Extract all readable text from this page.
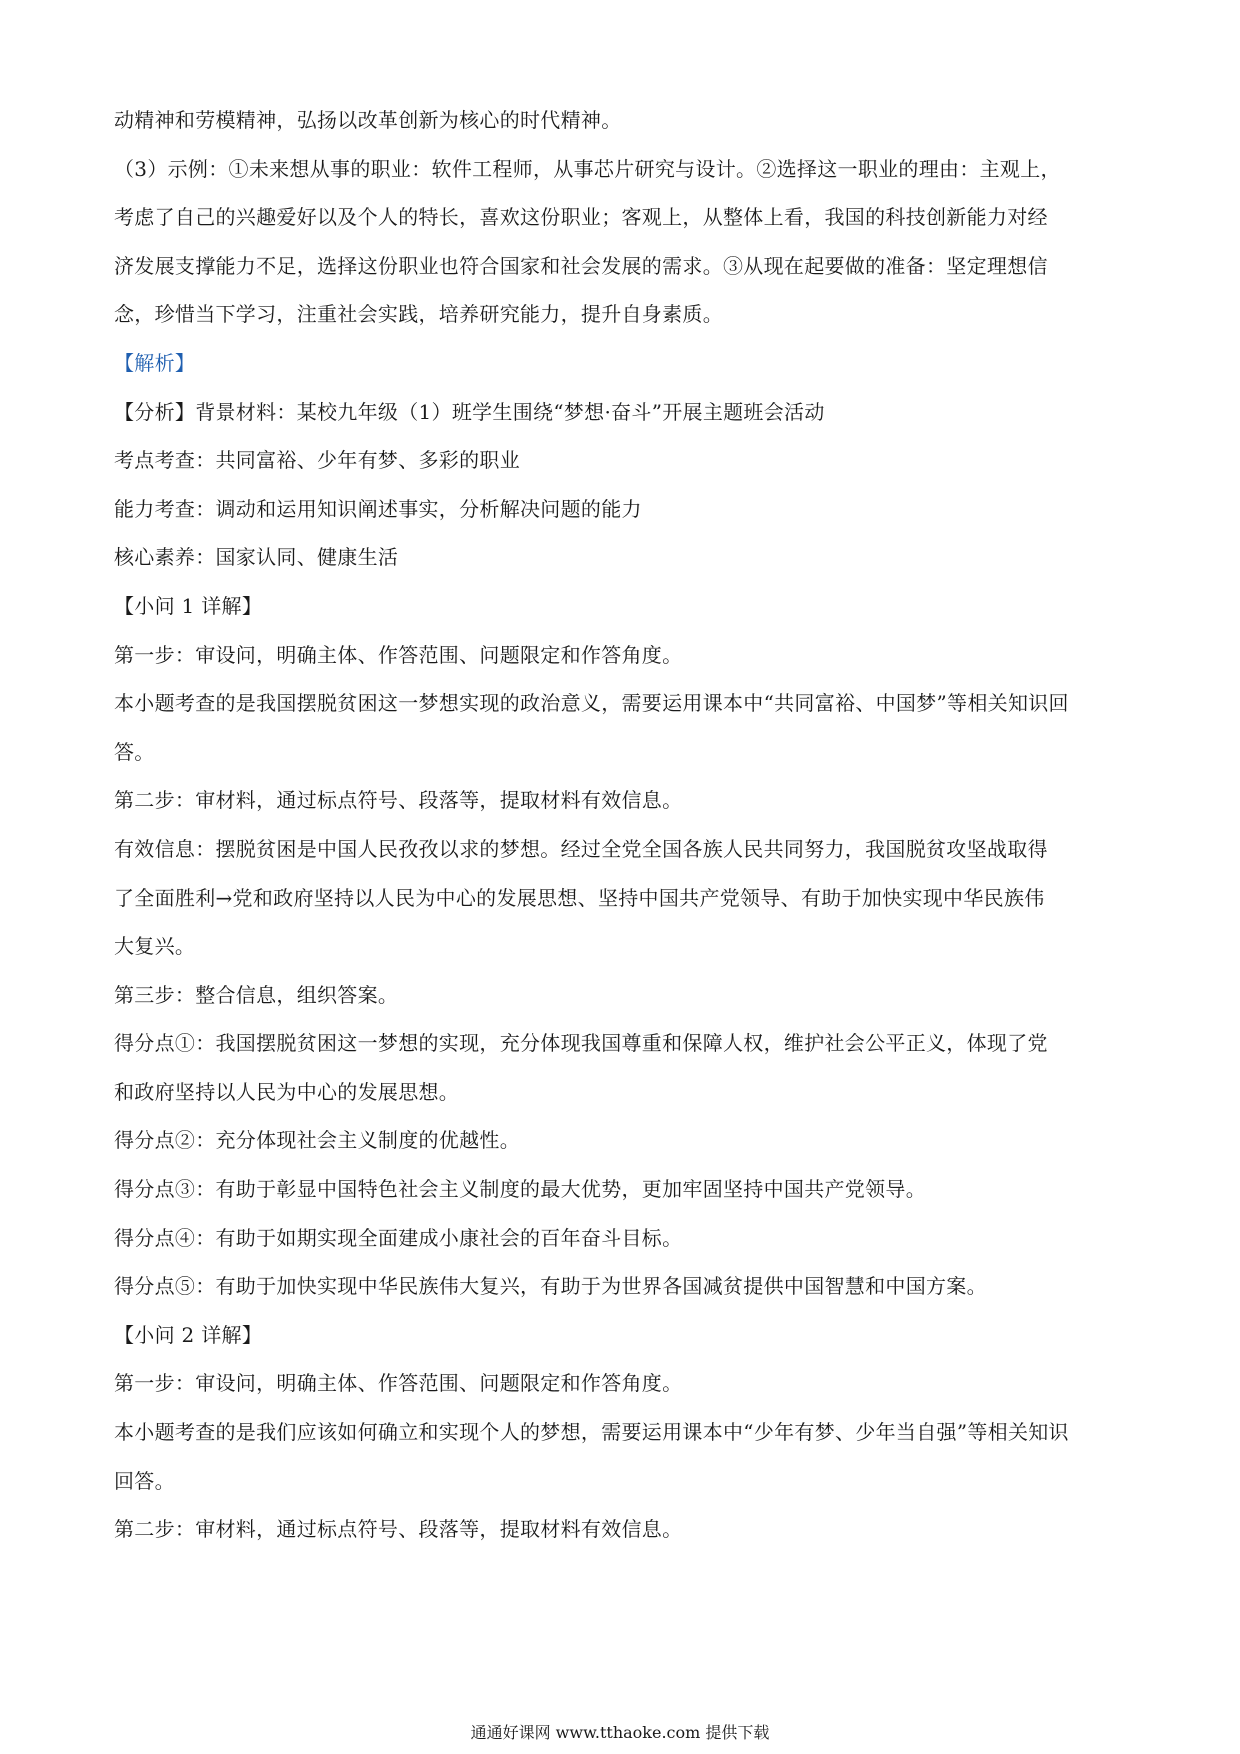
动精神和劳模精神，弘扬以改革创新为核心的时代精神。
（3）示例：①未来想从事的职业：软件工程师，从事芯片研究与设计。②选择这一职业的理由：主观上，
考虑了自己的兴趣爱好以及个人的特长，喜欢这份职业；客观上，从整体上看，我国的科技创新能力对经
济发展支撑能力不足，选择这份职业也符合国家和社会发展的需求。③从现在起要做的准备：坚定理想信
念，珍惜当下学习，注重社会实践，培养研究能力，提升自身素质。
【解析】
【分析】背景材料：某校九年级（1）班学生围绕“梦想·奋斗”开展主题班会活动
考点考查：共同富裕、少年有梦、多彩的职业
能力考查：调动和运用知识阐述事实，分析解决问题的能力
核心素养：国家认同、健康生活
【小问 1 详解】
第一步：审设问，明确主体、作答范围、问题限定和作答角度。
本小题考查的是我国摆脱贫困这一梦想实现的政治意义，需要运用课本中“共同富裕、中国梦”等相关知识回
答。
第二步：审材料，通过标点符号、段落等，提取材料有效信息。
有效信息：摆脱贫困是中国人民孜孜以求的梦想。经过全党全国各族人民共同努力，我国脱贫攻坚战取得
了全面胜利→党和政府坚持以人民为中心的发展思想、坚持中国共产党领导、有助于加快实现中华民族伟
大复兴。
第三步：整合信息，组织答案。
得分点①：我国摆脱贫困这一梦想的实现，充分体现我国尊重和保障人权，维护社会公平正义，体现了党
和政府坚持以人民为中心的发展思想。
得分点②：充分体现社会主义制度的优越性。
得分点③：有助于彰显中国特色社会主义制度的最大优势，更加牢固坚持中国共产党领导。
得分点④：有助于如期实现全面建成小康社会的百年奋斗目标。
得分点⑤：有助于加快实现中华民族伟大复兴，有助于为世界各国减贫提供中国智慧和中国方案。
【小问 2 详解】
第一步：审设问，明确主体、作答范围、问题限定和作答角度。
本小题考查的是我们应该如何确立和实现个人的梦想，需要运用课本中“少年有梦、少年当自强”等相关知识
回答。
第二步：审材料，通过标点符号、段落等，提取材料有效信息。
通通好课网 www.tthaoke.com 提供下载
